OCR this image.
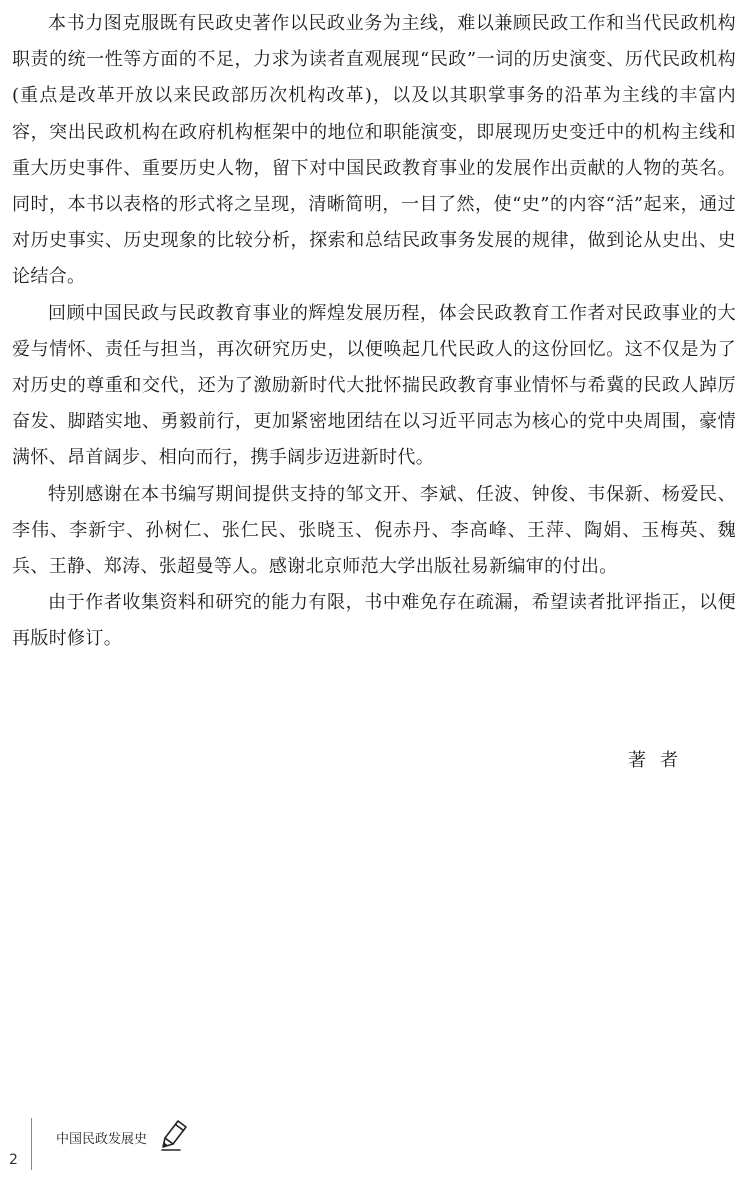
本书力图克服既有民政史著作以民政业务为主线，难以兼顾民政工作和当代民政机构职责的统一性等方面的不足，力求为读者直观展现“民政”一词的历史演变、历代民政机构(重点是改革开放以来民政部历次机构改革)，以及以其职掌事务的沿革为主线的丰富内容，突出民政机构在政府机构框架中的地位和职能演变，即展现历史变迁中的机构主线和重大历史事件、重要历史人物，留下对中国民政教育事业的发展作出贡献的人物的英名。同时，本书以表格的形式将之呈现，清晰简明，一目了然，使“史”的内容“活”起来，通过对历史事实、历史现象的比较分析，探索和总结民政事务发展的规律，做到论从史出、史论结合。

回顾中国民政与民政教育事业的辉煌发展历程，体会民政教育工作者对民政事业的大爱与情怀、责任与担当，再次研究历史，以便唤起几代民政人的这份回忆。这不仅是为了对历史的尊重和交代，还为了激励新时代大批怀揣民政教育事业情怀与希冀的民政人踔厉奋发、脚踏实地、勇毅前行，更加紧密地团结在以习近平同志为核心的党中央周围，豪情满怀、昂首阔步、相向而行，携手阔步迈进新时代。

特别感谢在本书编写期间提供支持的邹文开、李斌、任波、钟俊、韦保新、杨爱民、李伟、李新宇、孙树仁、张仁民、张晓玉、倪赤丹、李高峰、王萍、陶娟、玉梅英、魏兵、王静、郑涛、张超曼等人。感谢北京师范大学出版社易新编审的付出。

由于作者收集资料和研究的能力有限，书中难免存在疏漏，希望读者批评指正，以便再版时修订。

著者
2
中国民政发展史
